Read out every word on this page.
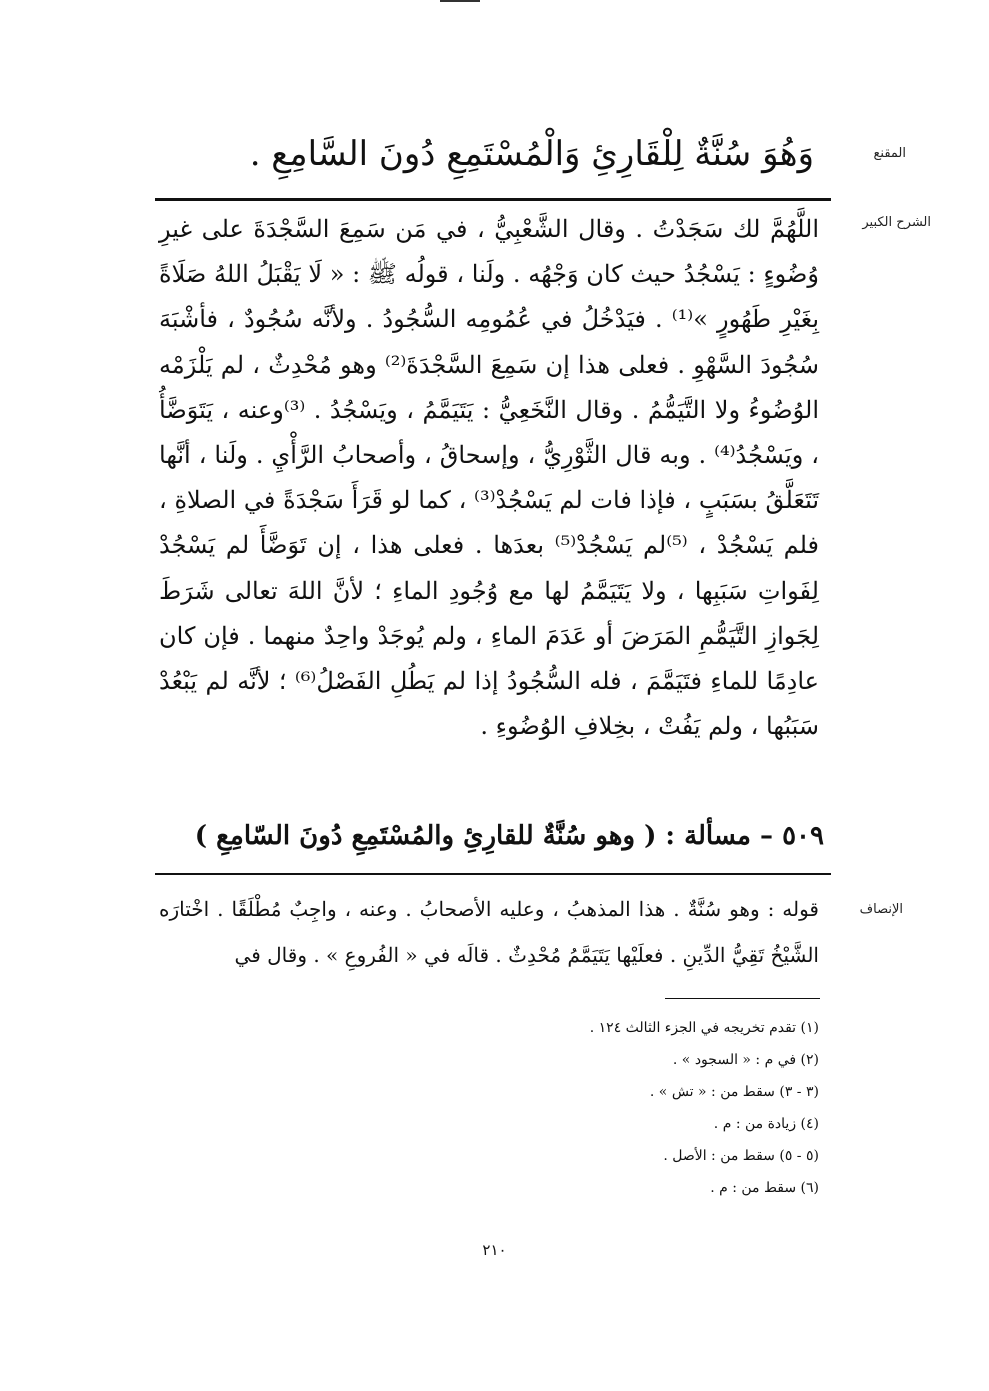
المقنع
وَهُوَ سُنَّةٌ لِلْقَارِئِ وَالْمُسْتَمِعِ دُونَ السَّامِعِ .
الشرح الكبير

اللَّهُمَّ لك سَجَدْتُ . وقال الشَّعْبِيُّ ، في مَن سَمِعَ السَّجْدَةَ على غيرِ وُضُوءٍ : يَسْجُدُ حيث كان وَجْهُه . ولَنا ، قولُه ﷺ : « لَا يَقْبَلُ اللهُ صَلَاةً بِغَيْرِ طَهُورٍ »⁽¹⁾ . فيَدْخُلُ في عُمُومِه السُّجُودُ . ولأنَّه سُجُودٌ ، فأشْبَهَ سُجُودَ السَّهْوِ . فعلى هذا إن سَمِعَ السَّجْدَةَ⁽²⁾ وهو مُحْدِثٌ ، لم يَلْزَمْه الوُضُوءُ ولا التَّيَمُّمُ . وقال النَّخَعِيُّ : يَتَيَمَّمُ ، ويَسْجُدُ . ⁽³⁾وعنه ، يَتَوَضَّأُ ، ويَسْجُدُ⁽⁴⁾ . وبه قال الثَّوْرِيُّ ، وإسحاقُ ، وأصحابُ الرَّأْيِ . ولَنا ، أنَّها تَتَعَلَّقُ بسَبَبٍ ، فإذا فات لم يَسْجُدْ⁽³⁾ ، كما لو قَرَأَ سَجْدَةً في الصلاةِ ، فلم يَسْجُدْ ، ⁽⁵⁾لم يَسْجُدْ⁽⁵⁾ بعدَها . فعلى هذا ، إن تَوَضَّأَ لم يَسْجُدْ لِفَواتِ سَبَبِها ، ولا يَتَيَمَّمُ لها مع وُجُودِ الماءِ ؛ لأنَّ اللهَ تعالى شَرَطَ لِجَوازِ التَّيَمُّمِ المَرَضَ أو عَدَمَ الماءِ ، ولم يُوجَدْ واحِدٌ منهما . فإن كان عادِمًا للماءِ فتَيَمَّمَ ، فله السُّجُودُ إذا لم يَطُلِ الفَصْلُ⁽⁶⁾ ؛ لأنَّه لم يَبْعُدْ سَبَبُها ، ولم يَفُتْ ، بخِلافِ الوُضُوءِ .

٥٠٩ – مسألة : ( وهو سُنَّةٌ للقارِئِ والمُسْتَمِعِ دُونَ السّامِعِ )
الإنصاف

قوله : وهو سُنَّةٌ . هذا المذهبُ ، وعليه الأصحابُ . وعنه ، واجِبٌ مُطْلَقًا . اخْتارَه الشَّيْخُ تَقِيُّ الدِّينِ . فعلَيْها يَتَيَمَّمُ مُحْدِثٌ . قالَه في « الفُروعِ » . وقال في

(١) تقدم تخريجه في الجزء الثالث ١٢٤ .
(٢) في م : « السجود » .
(٣ - ٣) سقط من : « تش » .
(٤) زيادة من : م .
(٥ - ٥) سقط من : الأصل .
(٦) سقط من : م .
٢١٠
